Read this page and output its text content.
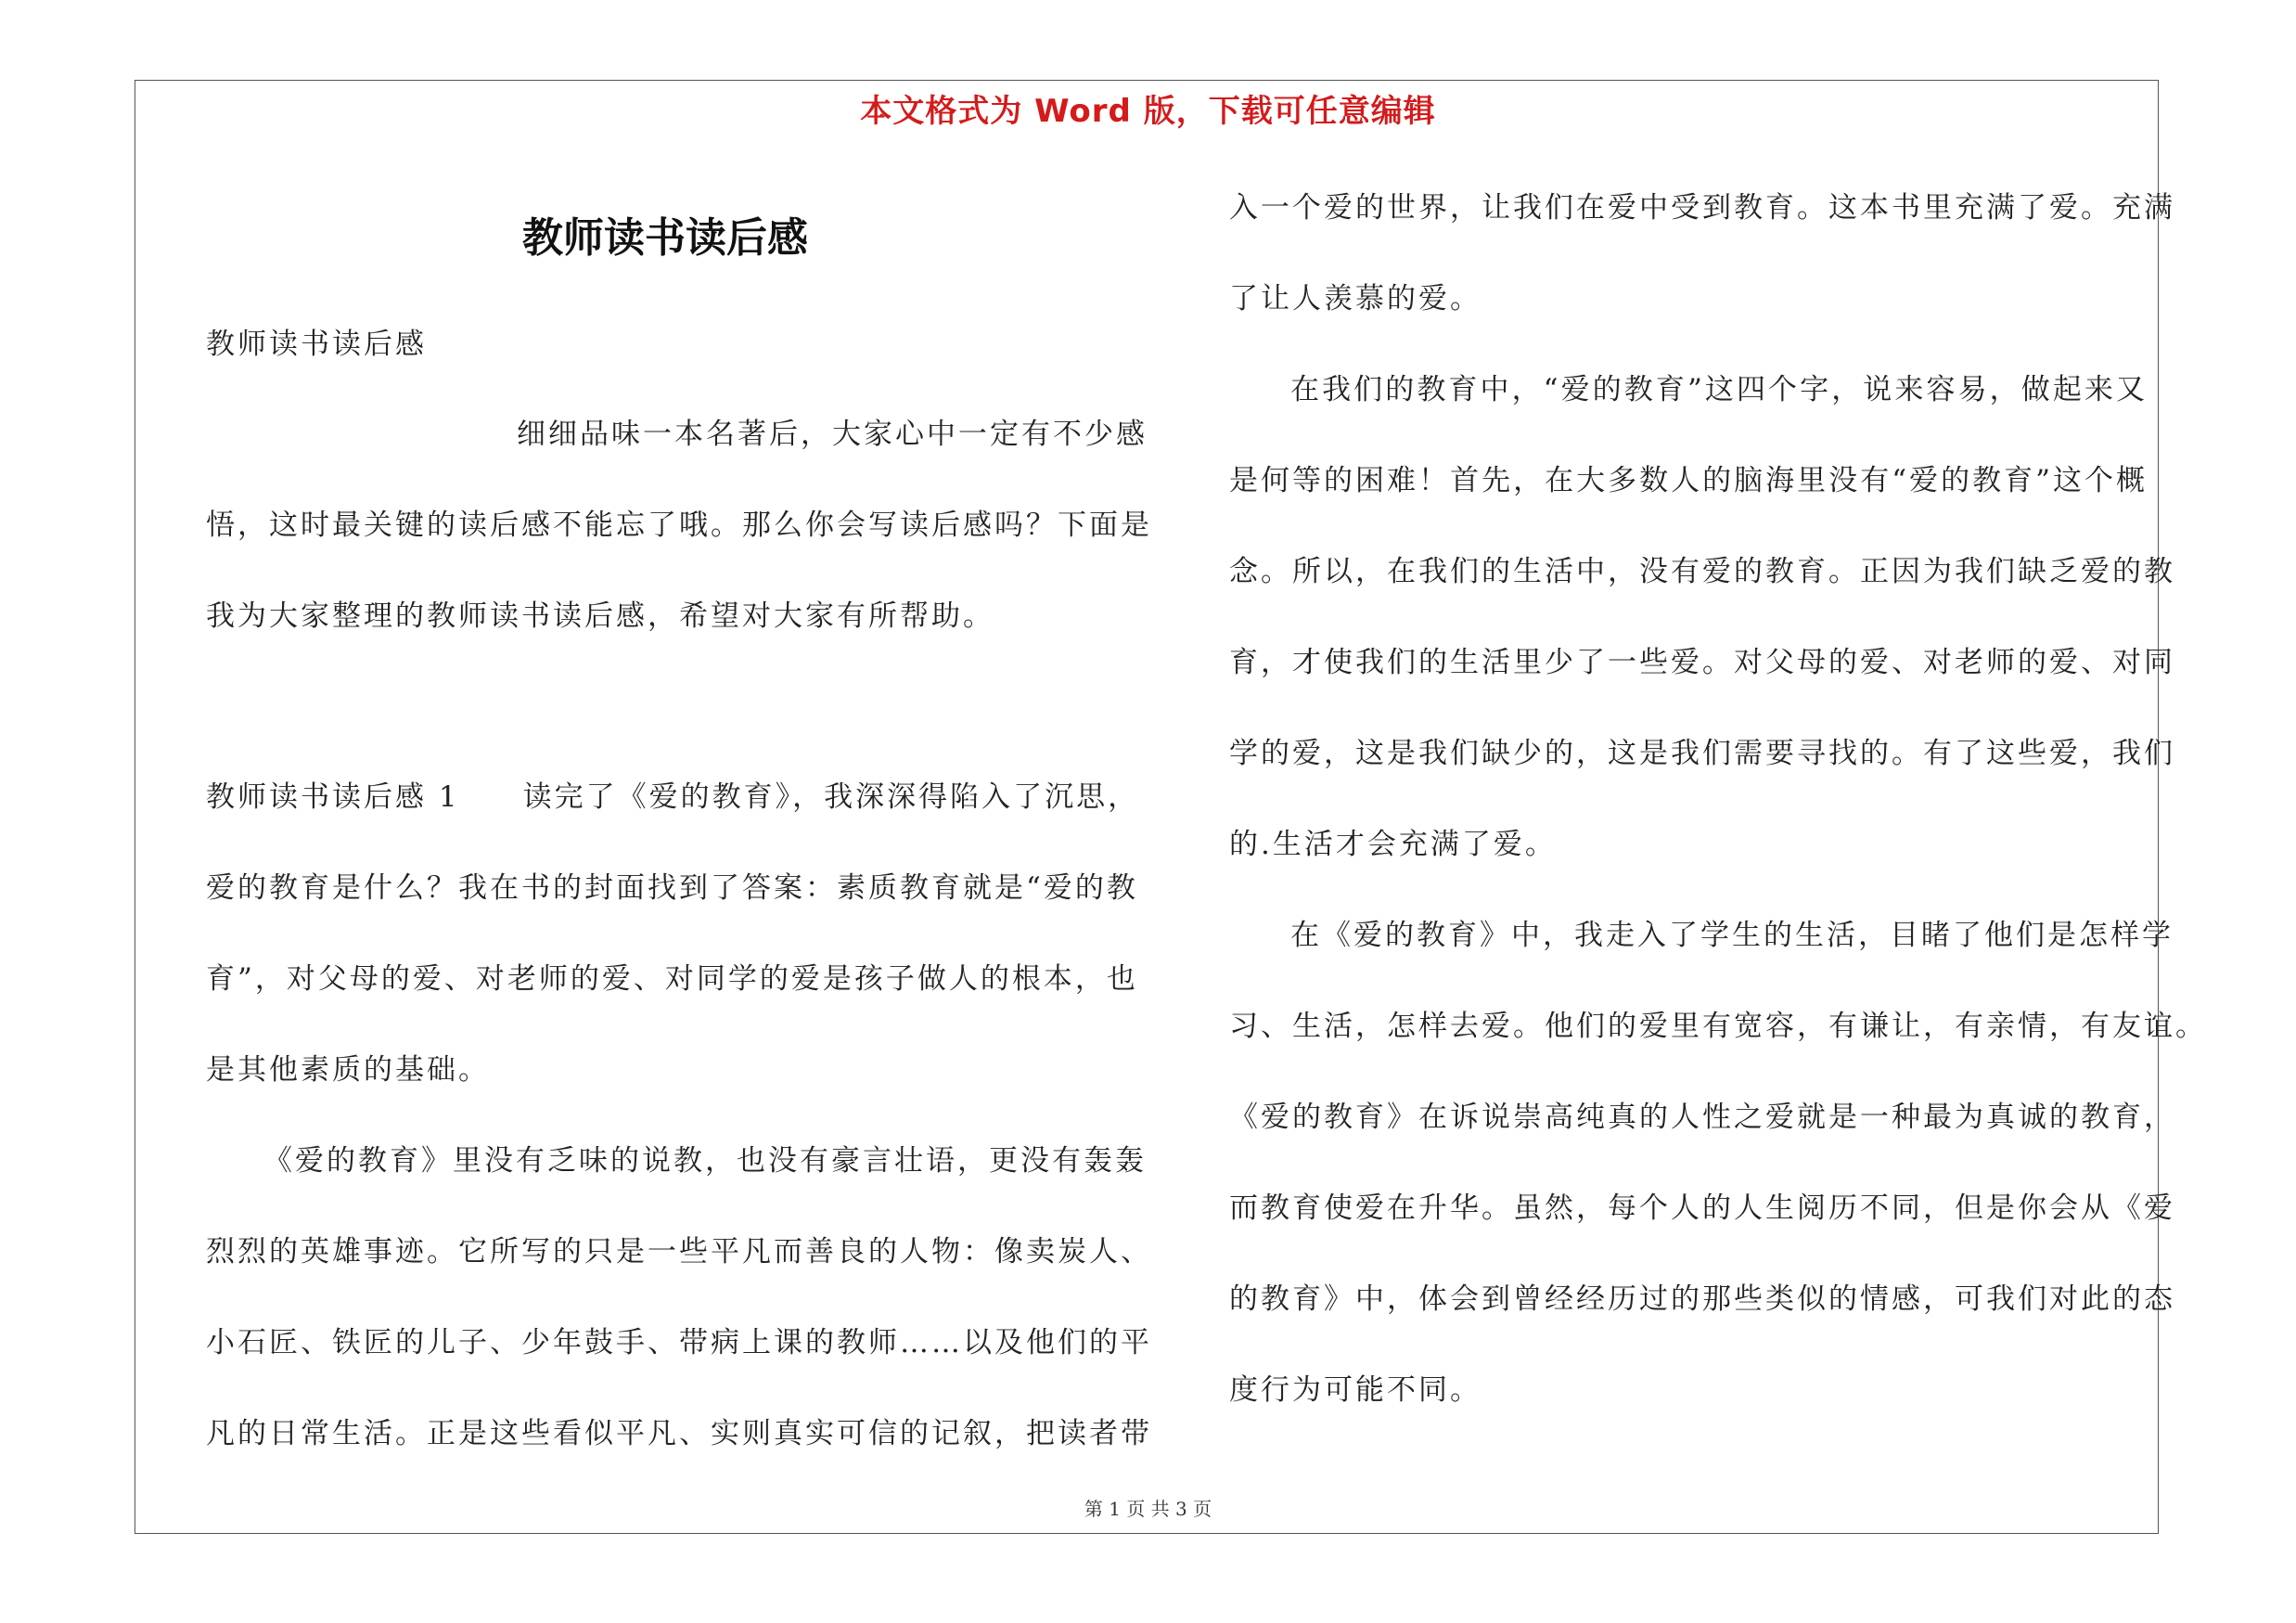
本文格式为 Word 版，下载可任意编辑
教师读书读后感
教师读书读后感
细细品味一本名著后，大家心中一定有不少感
悟，这时最关键的读后感不能忘了哦。那么你会写读后感吗？下面是
我为大家整理的教师读书读后感，希望对大家有所帮助。
教师读书读后感 1　　读完了《爱的教育》，我深深得陷入了沉思，
爱的教育是什么？我在书的封面找到了答案：素质教育就是“爱的教
育”，对父母的爱、对老师的爱、对同学的爱是孩子做人的根本，也
是其他素质的基础。
《爱的教育》里没有乏味的说教，也没有豪言壮语，更没有轰轰
烈烈的英雄事迹。它所写的只是一些平凡而善良的人物：像卖炭人、
小石匠、铁匠的儿子、少年鼓手、带病上课的教师……以及他们的平
凡的日常生活。正是这些看似平凡、实则真实可信的记叙，把读者带
入一个爱的世界，让我们在爱中受到教育。这本书里充满了爱。充满
了让人羡慕的爱。
在我们的教育中，“爱的教育”这四个字，说来容易，做起来又
是何等的困难！首先，在大多数人的脑海里没有“爱的教育”这个概
念。所以，在我们的生活中，没有爱的教育。正因为我们缺乏爱的教
育，才使我们的生活里少了一些爱。对父母的爱、对老师的爱、对同
学的爱，这是我们缺少的，这是我们需要寻找的。有了这些爱，我们
的.生活才会充满了爱。
在《爱的教育》中，我走入了学生的生活，目睹了他们是怎样学
习、生活，怎样去爱。他们的爱里有宽容，有谦让，有亲情，有友谊。
《爱的教育》在诉说崇高纯真的人性之爱就是一种最为真诚的教育，
而教育使爱在升华。虽然，每个人的人生阅历不同，但是你会从《爱
的教育》中，体会到曾经经历过的那些类似的情感，可我们对此的态
度行为可能不同。
第 1 页 共 3 页
